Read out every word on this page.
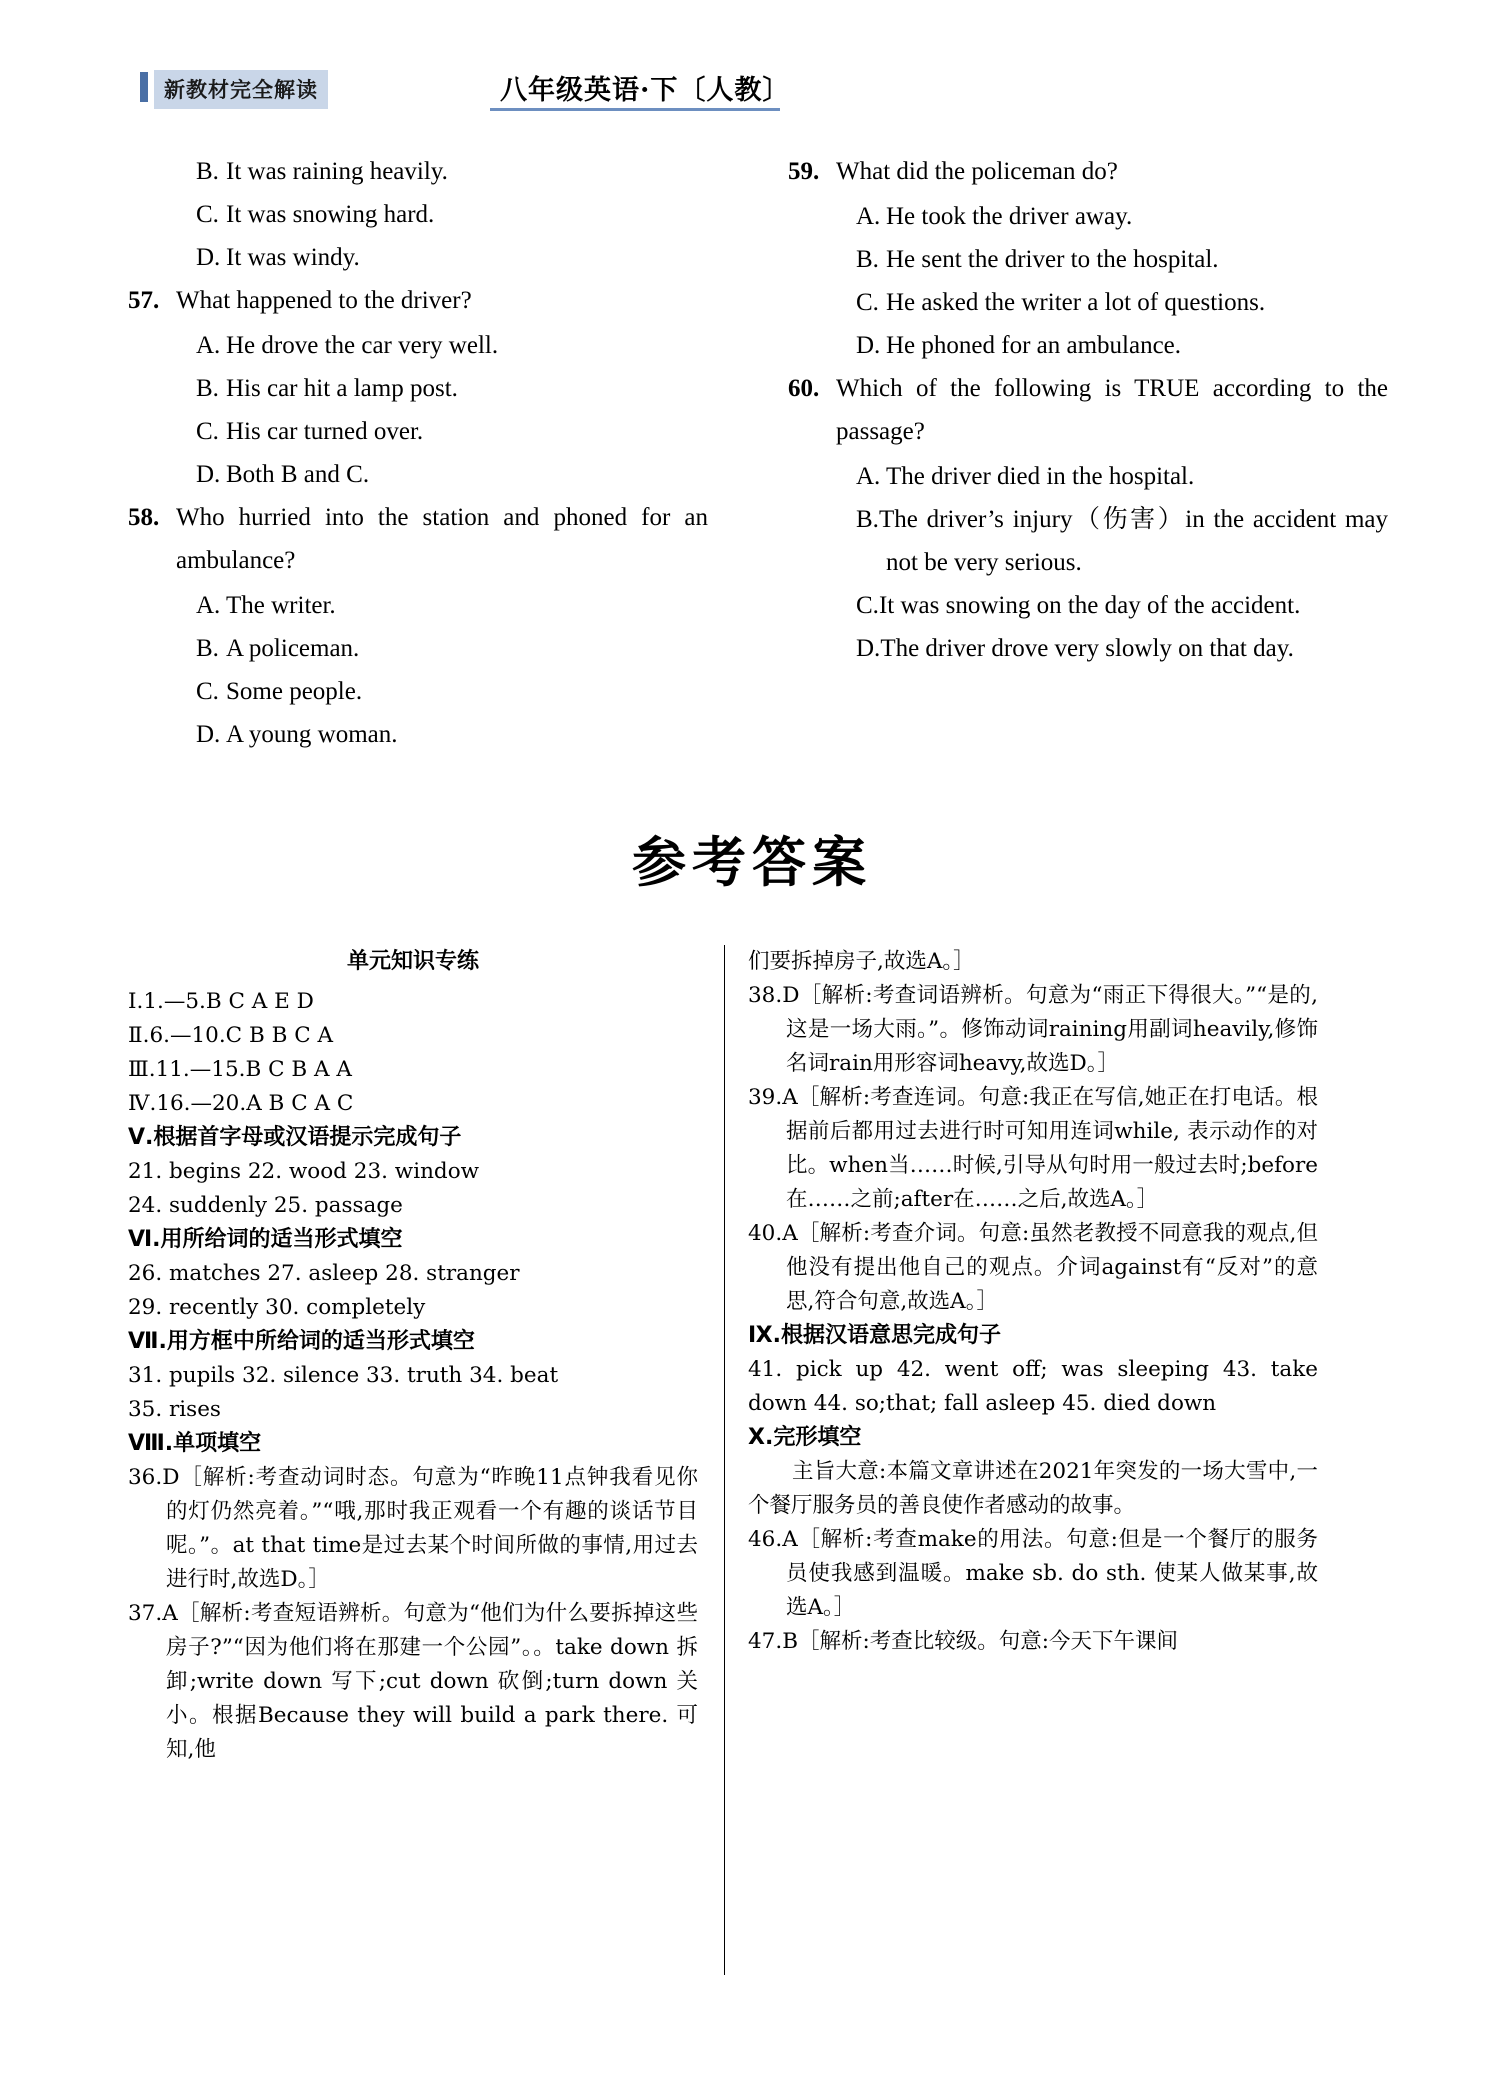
新教材完全解读	八年级英语·下〔人教〕
B. It was raining heavily.
C. It was snowing hard.
D. It was windy.
57. What happened to the driver?
A. He drove the car very well.
B. His car hit a lamp post.
C. His car turned over.
D. Both B and C.
58. Who hurried into the station and phoned for an ambulance?
A. The writer.
B. A policeman.
C. Some people.
D. A young woman.
59. What did the policeman do?
A. He took the driver away.
B. He sent the driver to the hospital.
C. He asked the writer a lot of questions.
D. He phoned for an ambulance.
60. Which of the following is TRUE according to the passage?
A. The driver died in the hospital.
B.The driver’s injury（伤害）in the accident may not be very serious.
C.It was snowing on the day of the accident.
D.The driver drove very slowly on that day.
参考答案
单元知识专练
Ⅰ.1.—5.B C A E D
Ⅱ.6.—10.C B B C A
Ⅲ.11.—15.B C B A A
Ⅳ.16.—20.A B C A C
Ⅴ.根据首字母或汉语提示完成句子
21. begins 22. wood 23. window
24. suddenly 25. passage
Ⅵ.用所给词的适当形式填空
26. matches 27. asleep 28. stranger
29. recently 30. completely
Ⅶ.用方框中所给词的适当形式填空
31. pupils 32. silence 33. truth 34. beat
35. rises
Ⅷ.单项填空
36.D［解析:考查动词时态。句意为“昨晚11点钟我看见你的灯仍然亮着。”“哦,那时我正观看一个有趣的谈话节目呢。”。at that time是过去某个时间所做的事情,用过去进行时,故选D。］
37.A［解析:考查短语辨析。句意为“他们为什么要拆掉这些房子?”“因为他们将在那建一个公园”。。take down 拆卸;write down 写下;cut down 砍倒;turn down 关小。根据Because they will build a park there. 可知,他
们要拆掉房子,故选A。］
38.D［解析:考查词语辨析。句意为“雨正下得很大。”“是的,这是一场大雨。”。修饰动词raining用副词heavily,修饰名词rain用形容词heavy,故选D。］
39.A［解析:考查连词。句意:我正在写信,她正在打电话。根据前后都用过去进行时可知用连词while, 表示动作的对比。when当……时候,引导从句时用一般过去时;before在……之前;after在……之后,故选A。］
40.A［解析:考查介词。句意:虽然老教授不同意我的观点,但他没有提出他自己的观点。介词against有“反对”的意思,符合句意,故选A。］
Ⅸ.根据汉语意思完成句子
41. pick up 42. went off; was sleeping 43. take down 44. so;that; fall asleep 45. died down
Ⅹ.完形填空
主旨大意:本篇文章讲述在2021年突发的一场大雪中,一个餐厅服务员的善良使作者感动的故事。
46.A［解析:考查make的用法。句意:但是一个餐厅的服务员使我感到温暖。make sb. do sth. 使某人做某事,故选A。］
47.B［解析:考查比较级。句意:今天下午课间
